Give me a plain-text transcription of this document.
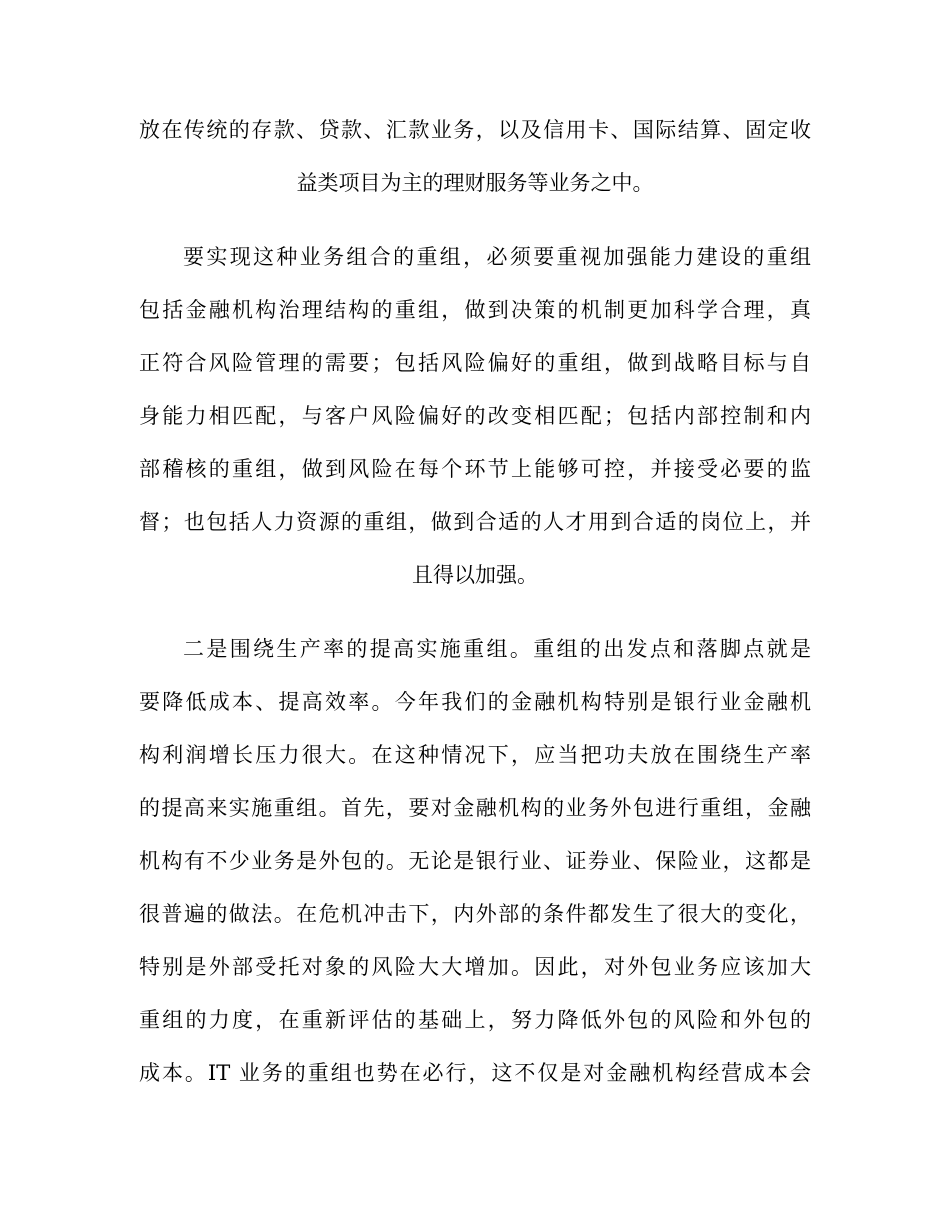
放在传统的存款、贷款、汇款业务，以及信用卡、国际结算、固定收
益类项目为主的理财服务等业务之中。
要实现这种业务组合的重组，必须要重视加强能力建设的重组
包括金融机构治理结构的重组，做到决策的机制更加科学合理，真
正符合风险管理的需要；包括风险偏好的重组，做到战略目标与自
身能力相匹配，与客户风险偏好的改变相匹配；包括内部控制和内
部稽核的重组，做到风险在每个环节上能够可控，并接受必要的监
督；也包括人力资源的重组，做到合适的人才用到合适的岗位上，并
且得以加强。
二是围绕生产率的提高实施重组。重组的出发点和落脚点就是
要降低成本、提高效率。今年我们的金融机构特别是银行业金融机
构利润增长压力很大。在这种情况下，应当把功夫放在围绕生产率
的提高来实施重组。首先，要对金融机构的业务外包进行重组，金融
机构有不少业务是外包的。无论是银行业、证券业、保险业，这都是
很普遍的做法。在危机冲击下，内外部的条件都发生了很大的变化，
特别是外部受托对象的风险大大增加。因此，对外包业务应该加大
重组的力度，在重新评估的基础上，努力降低外包的风险和外包的
成本。IT 业务的重组也势在必行，这不仅是对金融机构经营成本会
